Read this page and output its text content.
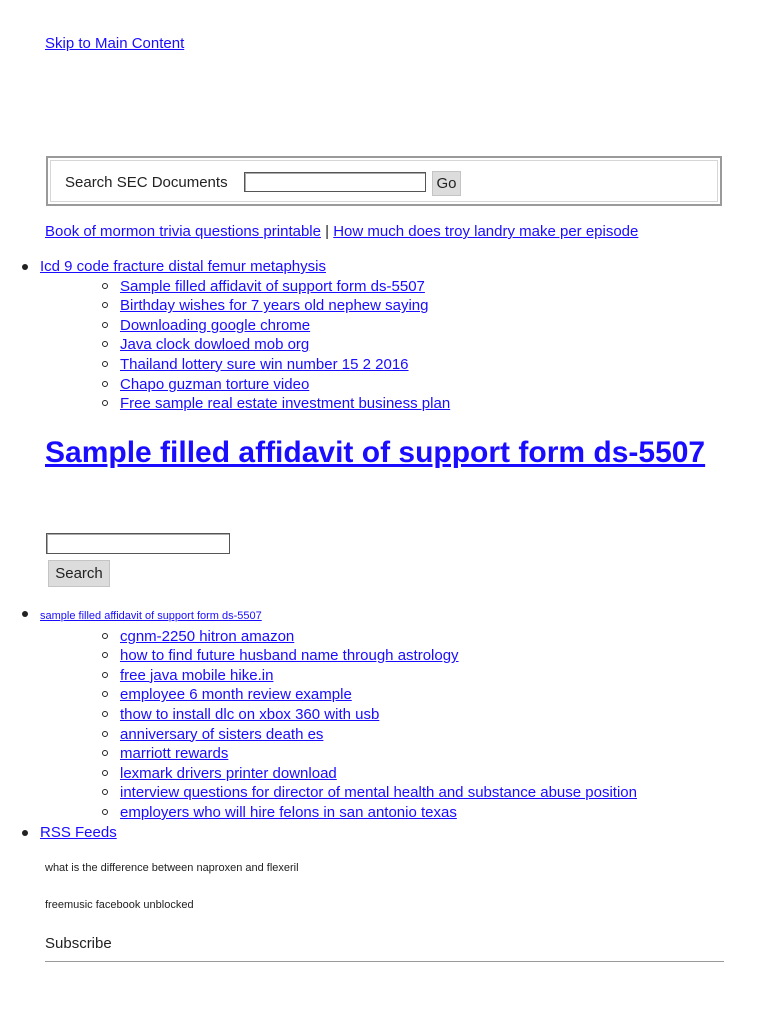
Skip to Main Content
Search SEC Documents	Go
Book of mormon trivia questions printable | How much does troy landry make per episode
Icd 9 code fracture distal femur metaphysis
Sample filled affidavit of support form ds-5507
Birthday wishes for 7 years old nephew saying
Downloading google chrome
Java clock dowloed mob org
Thailand lottery sure win number 15 2 2016
Chapo guzman torture video
Free sample real estate investment business plan
Sample filled affidavit of support form ds-5507
Search
sample filled affidavit of support form ds-5507
cgnm-2250 hitron amazon
how to find future husband name through astrology
free java mobile hike.in
employee 6 month review example
thow to install dlc on xbox 360 with usb
anniversary of sisters death es
marriott rewards
lexmark drivers printer download
interview questions for director of mental health and substance abuse position
employers who will hire felons in san antonio texas
RSS Feeds
what is the difference between naproxen and flexeril
freemusic facebook unblocked
Subscribe
